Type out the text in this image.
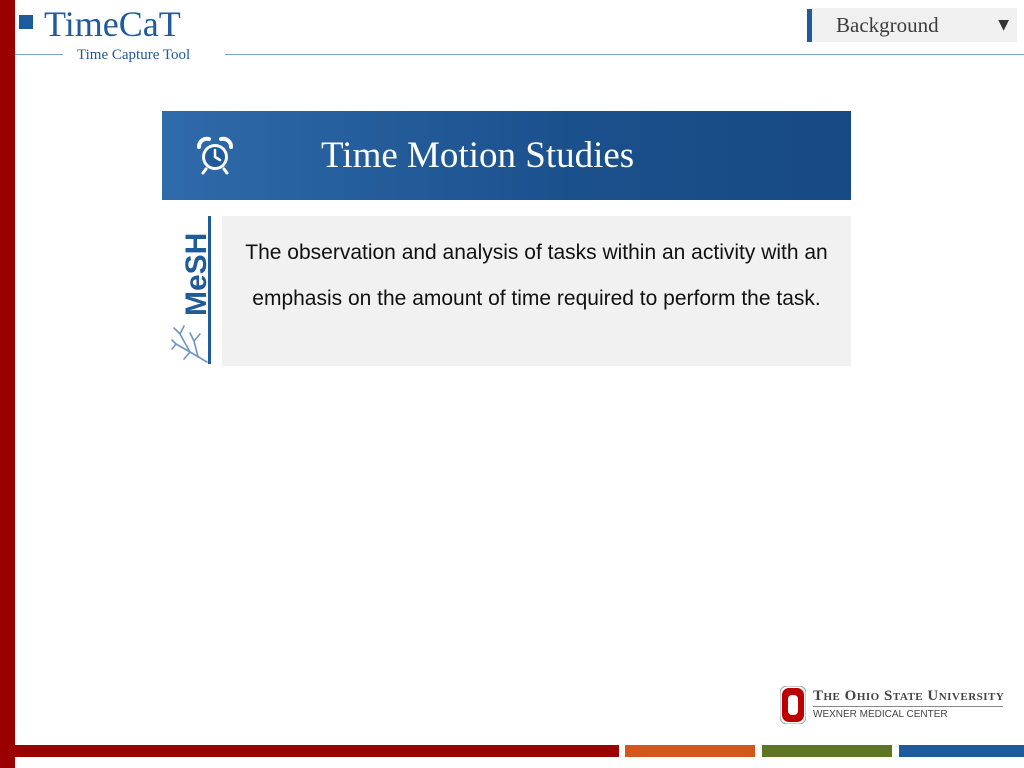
TimeCaT
Time Capture Tool
Background	▼
Time Motion Studies
MeSH The observation and analysis of tasks within an activity with an emphasis on the amount of time required to perform the task.

The Ohio State University
WEXNER MEDICAL CENTER
